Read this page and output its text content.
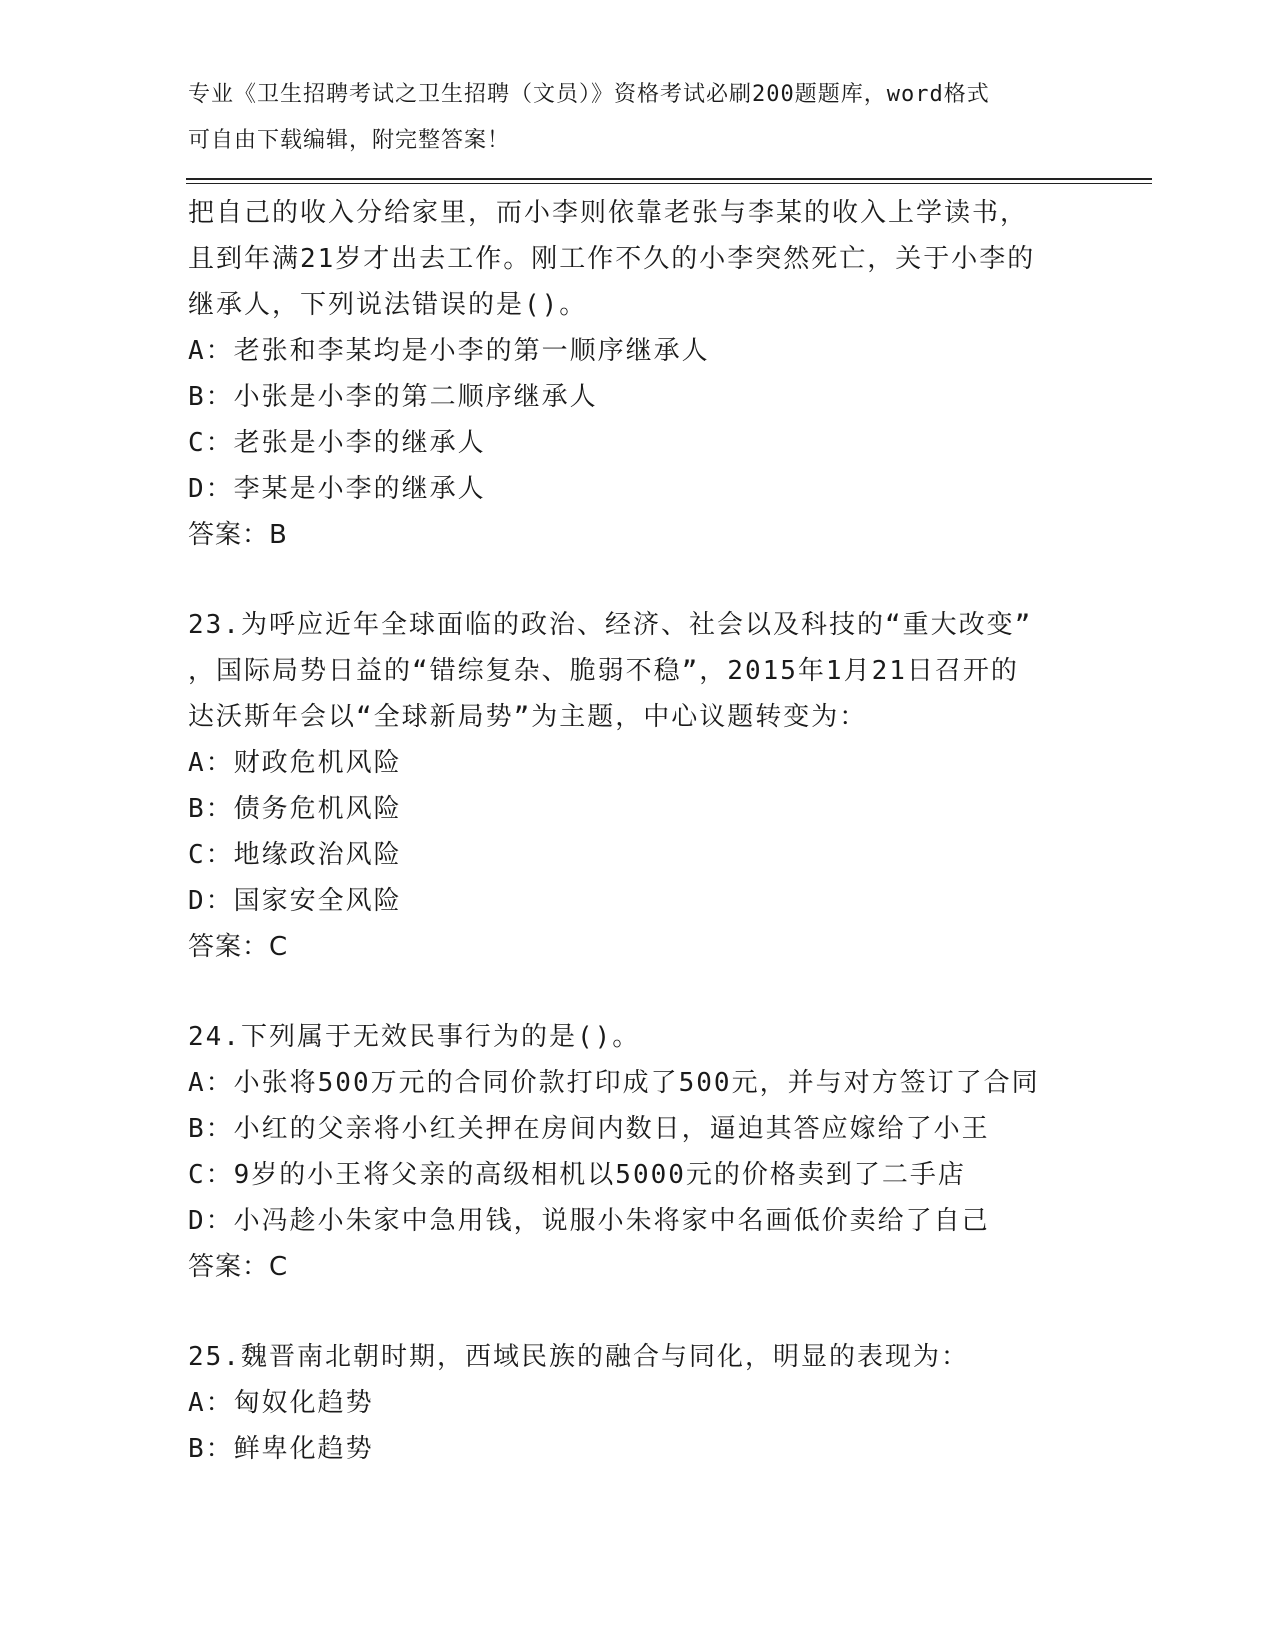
专业《卫生招聘考试之卫生招聘（文员）》资格考试必刷200题题库，word格式
可自由下载编辑，附完整答案！
把自己的收入分给家里，而小李则依靠老张与李某的收入上学读书，
且到年满21岁才出去工作。刚工作不久的小李突然死亡，关于小李的
继承人，下列说法错误的是()。
A：老张和李某均是小李的第一顺序继承人
B：小张是小李的第二顺序继承人
C：老张是小李的继承人
D：李某是小李的继承人
答案：B
23.为呼应近年全球面临的政治、经济、社会以及科技的“重大改变”
，国际局势日益的“错综复杂、脆弱不稳”，2015年1月21日召开的
达沃斯年会以“全球新局势”为主题，中心议题转变为：
A：财政危机风险
B：债务危机风险
C：地缘政治风险
D：国家安全风险
答案：C
24.下列属于无效民事行为的是()。
A：小张将500万元的合同价款打印成了500元，并与对方签订了合同
B：小红的父亲将小红关押在房间内数日，逼迫其答应嫁给了小王
C：9岁的小王将父亲的高级相机以5000元的价格卖到了二手店
D：小冯趁小朱家中急用钱，说服小朱将家中名画低价卖给了自己
答案：C
25.魏晋南北朝时期，西域民族的融合与同化，明显的表现为：
A：匈奴化趋势
B：鲜卑化趋势
